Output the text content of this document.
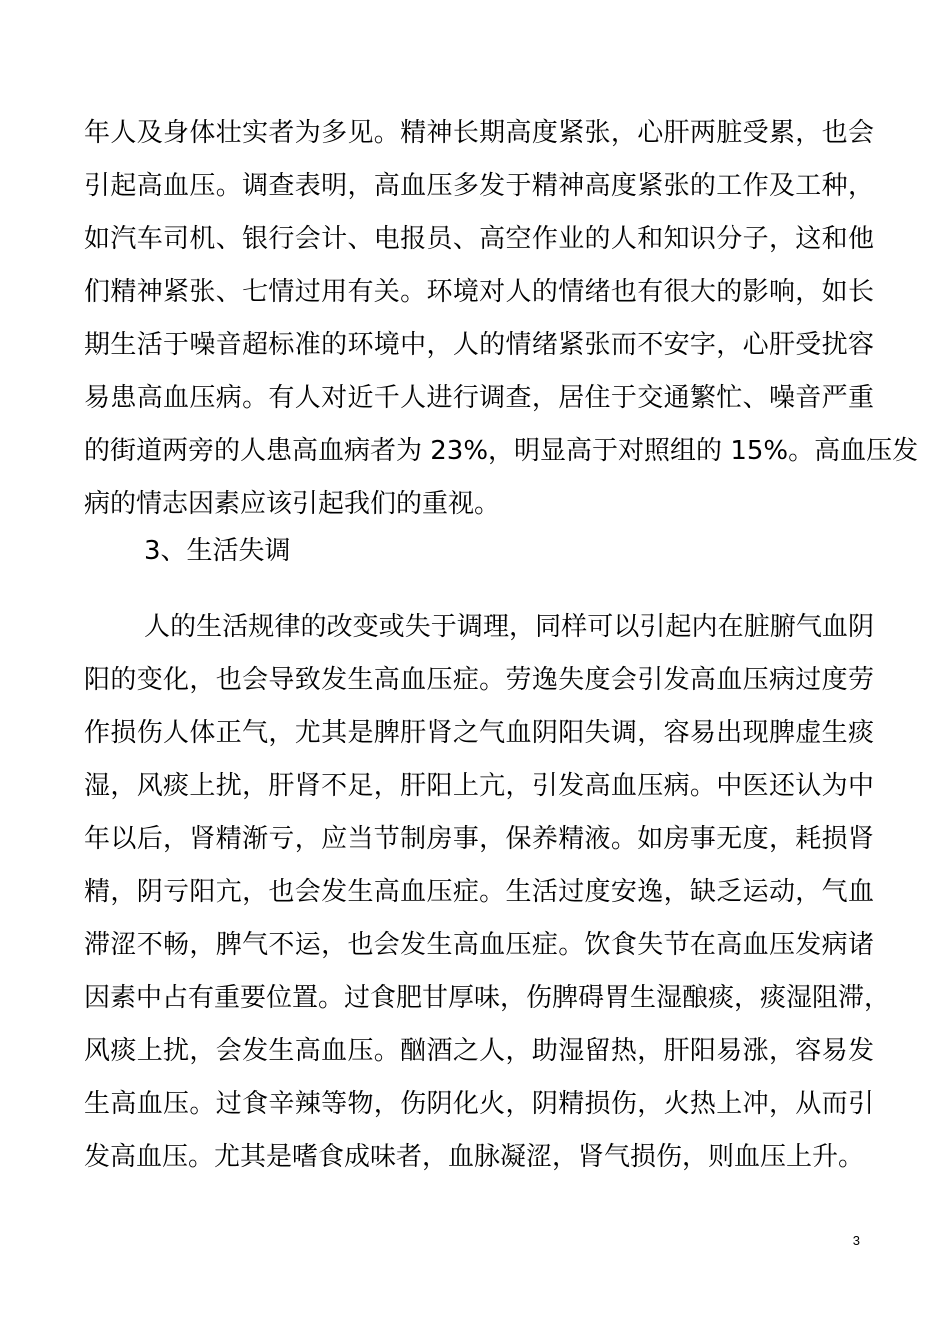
年人及身体壮实者为多见。精神长期高度紧张，心肝两脏受累，也会
引起高血压。调查表明，高血压多发于精神高度紧张的工作及工种，
如汽车司机、银行会计、电报员、高空作业的人和知识分子，这和他
们精神紧张、七情过用有关。环境对人的情绪也有很大的影响，如长
期生活于噪音超标准的环境中，人的情绪紧张而不安字，心肝受扰容
易患高血压病。有人对近千人进行调查，居住于交通繁忙、噪音严重
的街道两旁的人患高血病者为 23%，明显高于对照组的 15%。高血压发
病的情志因素应该引起我们的重视。
3、生活失调
人的生活规律的改变或失于调理，同样可以引起内在脏腑气血阴
阳的变化，也会导致发生高血压症。劳逸失度会引发高血压病过度劳
作损伤人体正气，尤其是脾肝肾之气血阴阳失调，容易出现脾虚生痰
湿，风痰上扰，肝肾不足，肝阳上亢，引发高血压病。中医还认为中
年以后，肾精渐亏，应当节制房事，保养精液。如房事无度，耗损肾
精，阴亏阳亢，也会发生高血压症。生活过度安逸，缺乏运动，气血
滞涩不畅，脾气不运，也会发生高血压症。饮食失节在高血压发病诸
因素中占有重要位置。过食肥甘厚味，伤脾碍胃生湿酿痰，痰湿阻滞，
风痰上扰，会发生高血压。酗酒之人，助湿留热，肝阳易涨，容易发
生高血压。过食辛辣等物，伤阴化火，阴精损伤，火热上冲，从而引
发高血压。尤其是嗜食成味者，血脉凝涩，肾气损伤，则血压上升。
3
